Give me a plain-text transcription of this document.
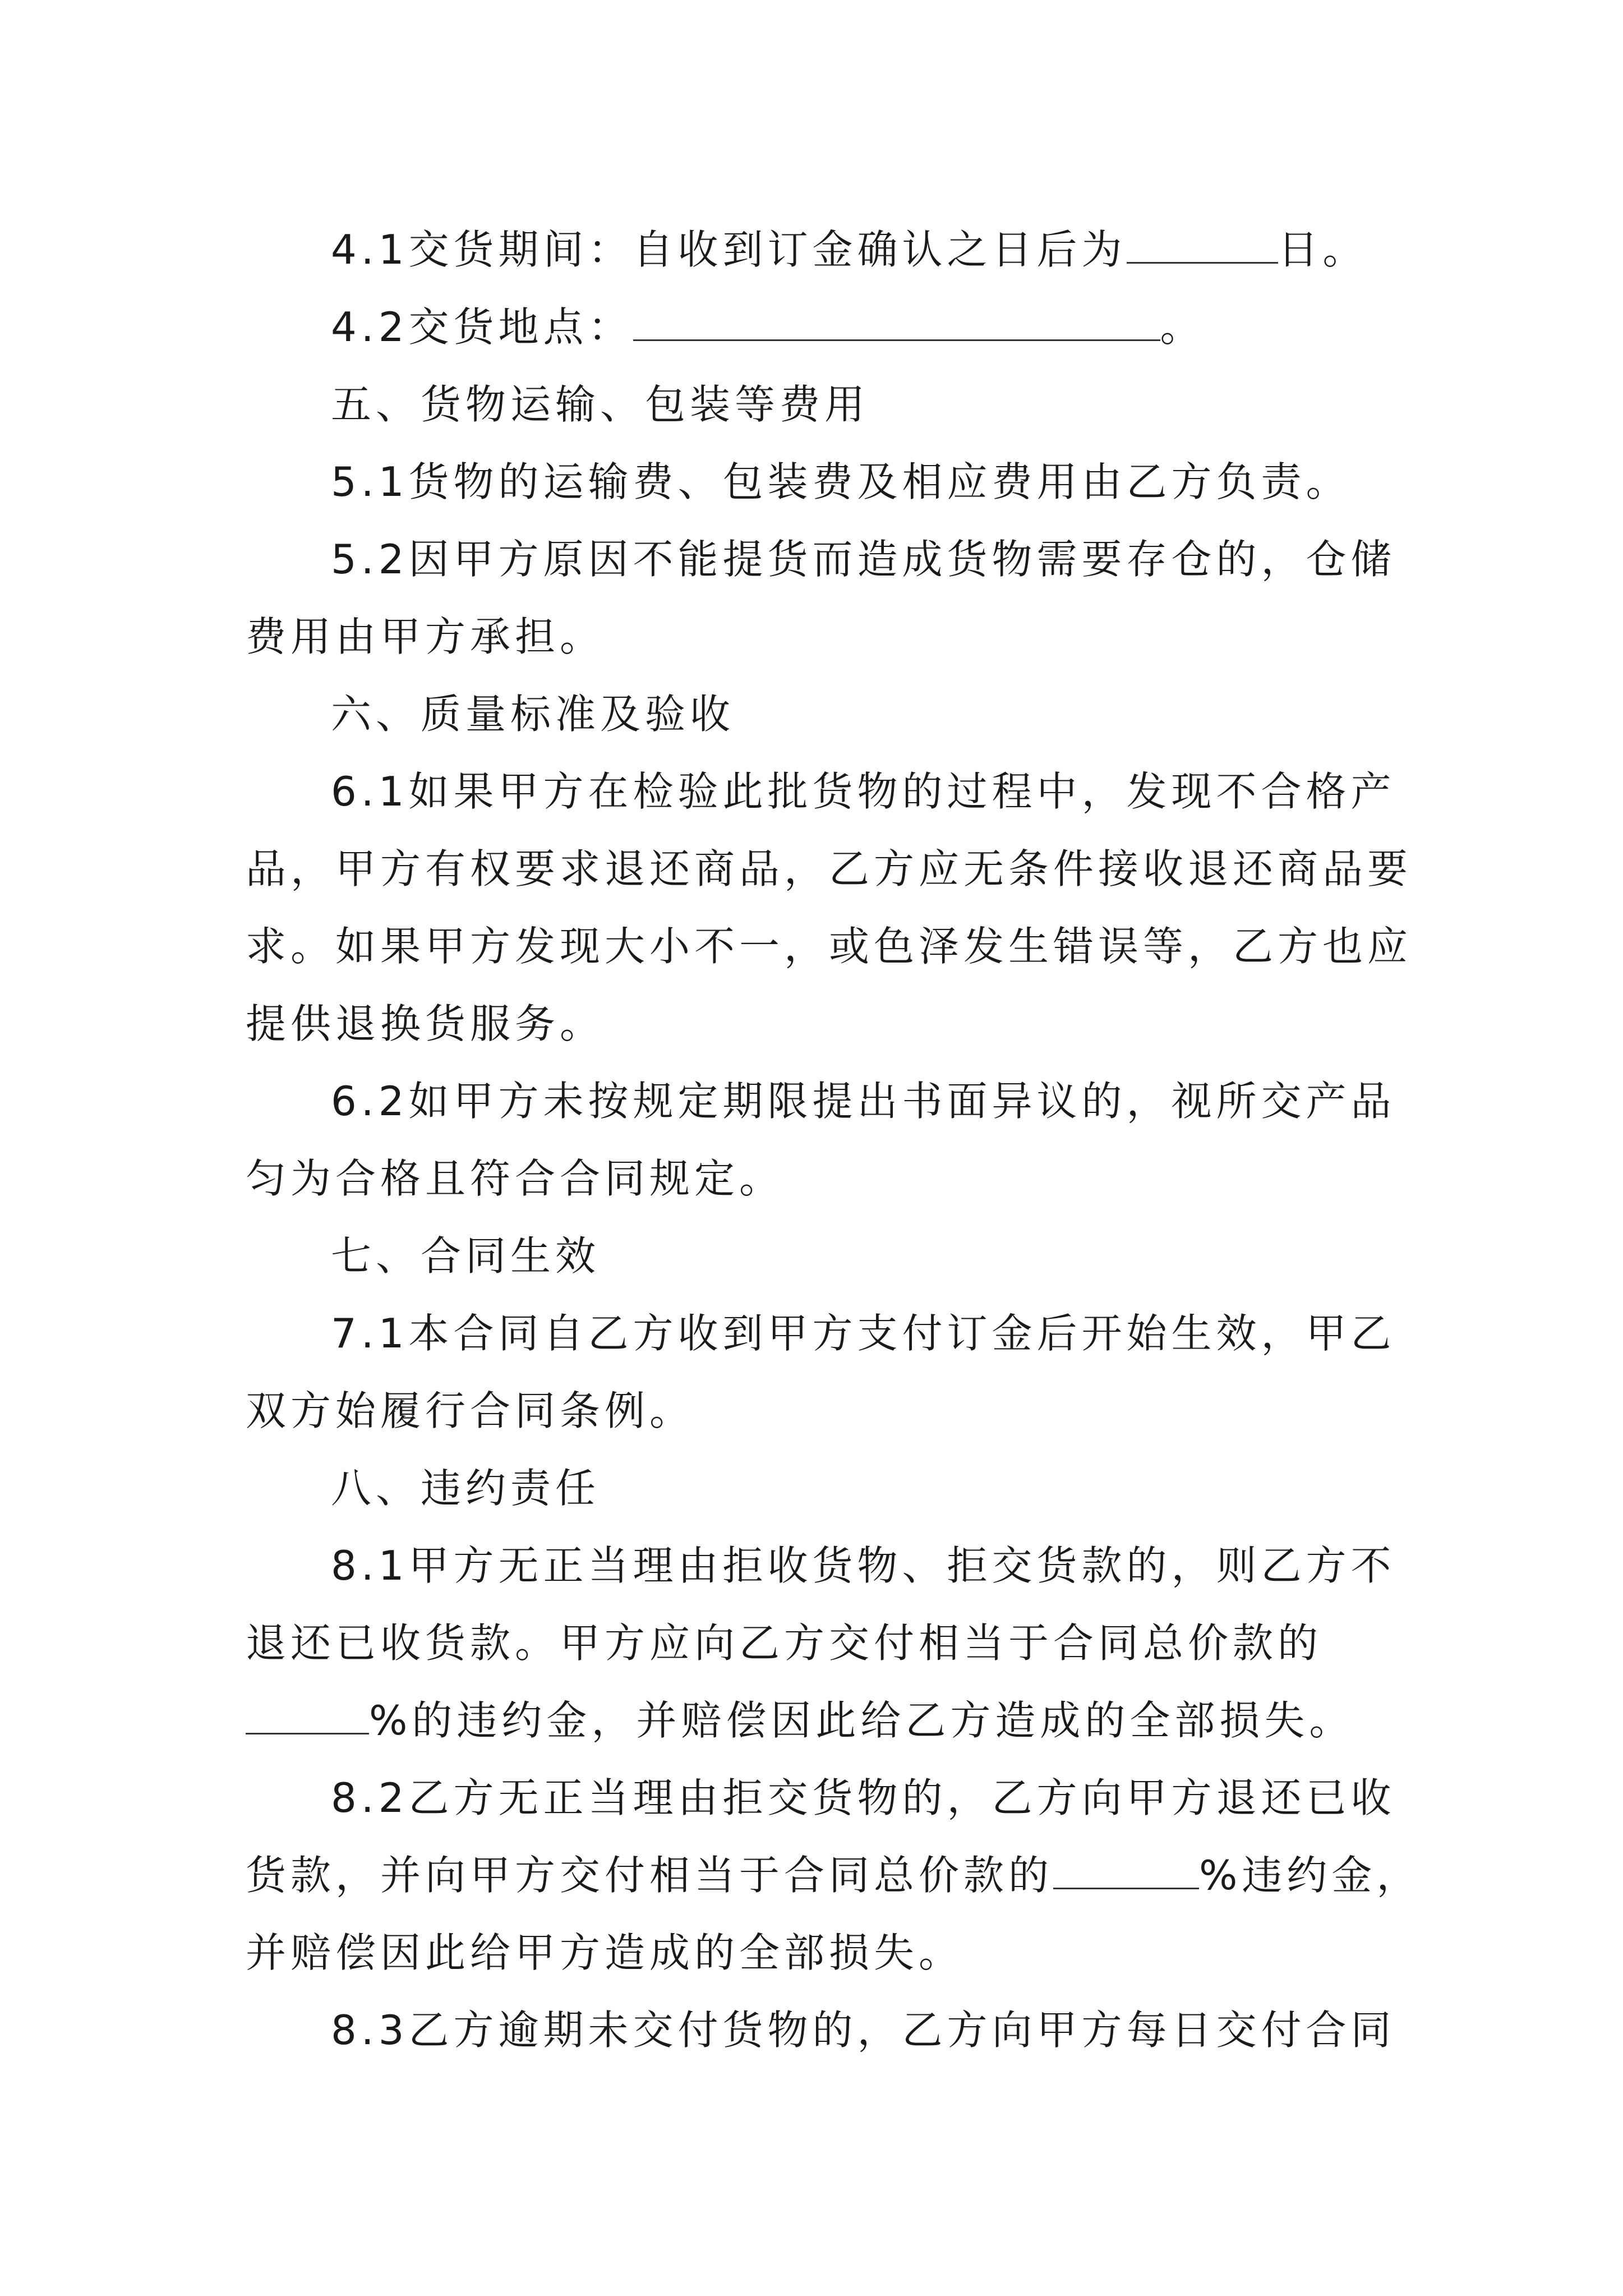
4.1交货期间：自收到订金确认之日后为	日。
4.2交货地点：	。
五、货物运输、包装等费用
5.1货物的运输费、包装费及相应费用由乙方负责。
5.2因甲方原因不能提货而造成货物需要存仓的，仓储
费用由甲方承担。
六、质量标准及验收
6.1如果甲方在检验此批货物的过程中，发现不合格产
品，甲方有权要求退还商品，乙方应无条件接收退还商品要
求。如果甲方发现大小不一，或色泽发生错误等，乙方也应
提供退换货服务。
6.2如甲方未按规定期限提出书面异议的，视所交产品
匀为合格且符合合同规定。
七、合同生效
7.1本合同自乙方收到甲方支付订金后开始生效，甲乙
双方始履行合同条例。
八、违约责任
8.1甲方无正当理由拒收货物、拒交货款的，则乙方不
退还已收货款。甲方应向乙方交付相当于合同总价款的
%的违约金，并赔偿因此给乙方造成的全部损失。
8.2乙方无正当理由拒交货物的，乙方向甲方退还已收
货款，并向甲方交付相当于合同总价款的	%违约金，
并赔偿因此给甲方造成的全部损失。
8.3乙方逾期未交付货物的，乙方向甲方每日交付合同
